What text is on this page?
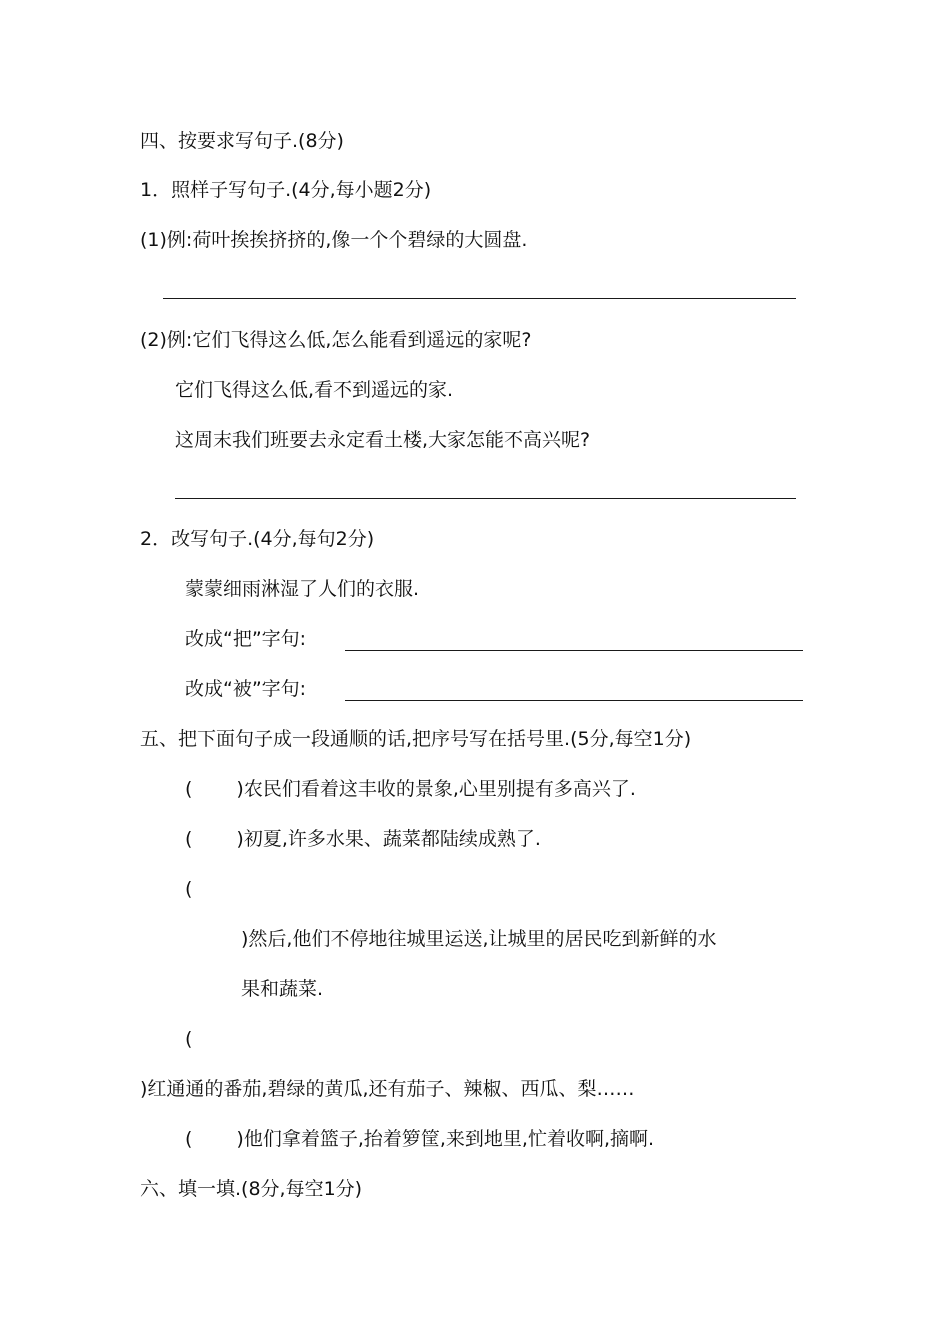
四、按要求写句子.(8分)
1．照样子写句子.(4分,每小题2分)
(1)例:荷叶挨挨挤挤的,像一个个碧绿的大圆盘.
(2)例:它们飞得这么低,怎么能看到遥远的家呢?
它们飞得这么低,看不到遥远的家.
这周末我们班要去永定看土楼,大家怎能不高兴呢?
2．改写句子.(4分,每句2分)
蒙蒙细雨淋湿了人们的衣服.
改成“把”字句:
改成“被”字句:
五、把下面句子成一段通顺的话,把序号写在括号里.(5分,每空1分)
( )农民们看着这丰收的景象,心里别提有多高兴了.
( )初夏,许多水果、蔬菜都陆续成熟了.
(
)然后,他们不停地往城里运送,让城里的居民吃到新鲜的水
果和蔬菜.
(
)红通通的番茄,碧绿的黄瓜,还有茄子、辣椒、西瓜、梨……
( )他们拿着篮子,抬着箩筐,来到地里,忙着收啊,摘啊.
六、填一填.(8分,每空1分)
